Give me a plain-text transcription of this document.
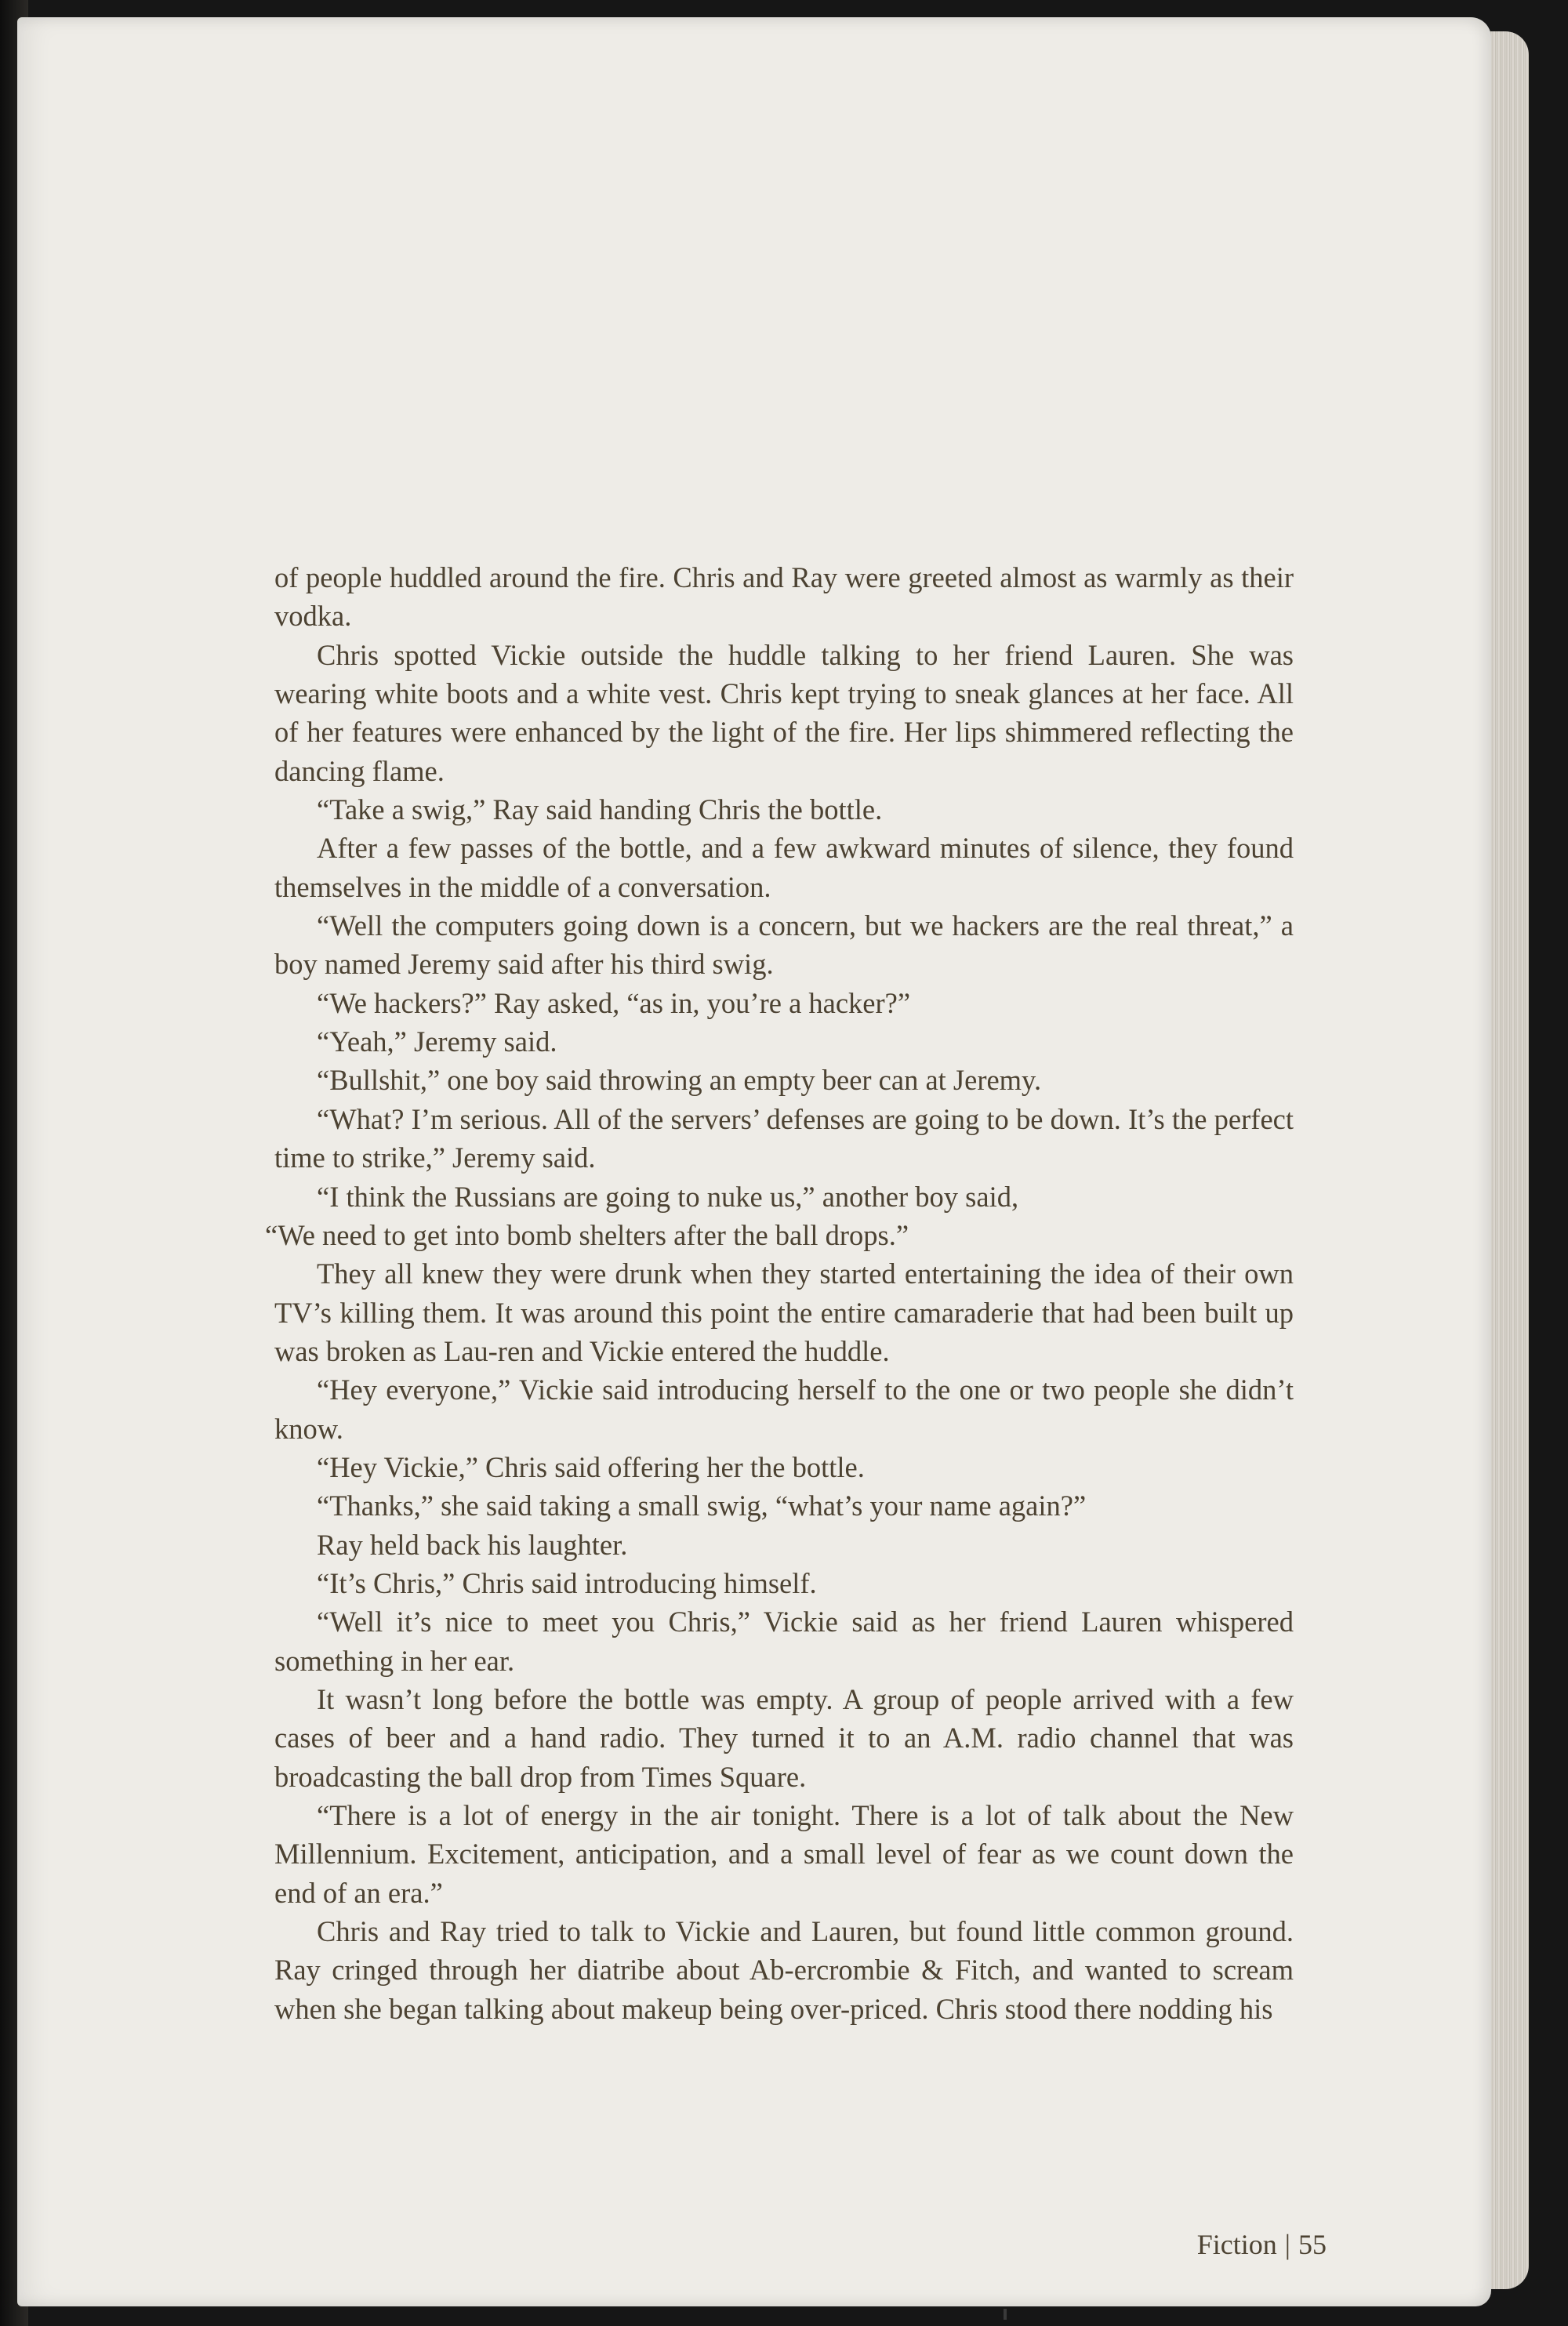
of people huddled around the fire. Chris and Ray were greeted almost as warmly as their vodka.

Chris spotted Vickie outside the huddle talking to her friend Lauren. She was wearing white boots and a white vest. Chris kept trying to sneak glances at her face. All of her features were enhanced by the light of the fire. Her lips shimmered reflecting the dancing flame.

“Take a swig,” Ray said handing Chris the bottle.

After a few passes of the bottle, and a few awkward minutes of silence, they found themselves in the middle of a conversation.

“Well the computers going down is a concern, but we hackers are the real threat,” a boy named Jeremy said after his third swig.

“We hackers?” Ray asked, “as in, you’re a hacker?”

“Yeah,” Jeremy said.

“Bullshit,” one boy said throwing an empty beer can at Jeremy.

“What? I’m serious. All of the servers’ defenses are going to be down. It’s the perfect time to strike,” Jeremy said.

“I think the Russians are going to nuke us,” another boy said,

“We need to get into bomb shelters after the ball drops.”

They all knew they were drunk when they started entertaining the idea of their own TV’s killing them. It was around this point the entire camaraderie that had been built up was broken as Lau-ren and Vickie entered the huddle.

“Hey everyone,” Vickie said introducing herself to the one or two people she didn’t know.

“Hey Vickie,” Chris said offering her the bottle.

“Thanks,” she said taking a small swig, “what’s your name again?”

Ray held back his laughter.

“It’s Chris,” Chris said introducing himself.

“Well it’s nice to meet you Chris,” Vickie said as her friend Lauren whispered something in her ear.

It wasn’t long before the bottle was empty. A group of people arrived with a few cases of beer and a hand radio. They turned it to an A.M. radio channel that was broadcasting the ball drop from Times Square.

“There is a lot of energy in the air tonight. There is a lot of talk about the New Millennium. Excitement, anticipation, and a small level of fear as we count down the end of an era.”

Chris and Ray tried to talk to Vickie and Lauren, but found little common ground. Ray cringed through her diatribe about Ab-ercrombie & Fitch, and wanted to scream when she began talking about makeup being over-priced. Chris stood there nodding his

Fiction | 55
